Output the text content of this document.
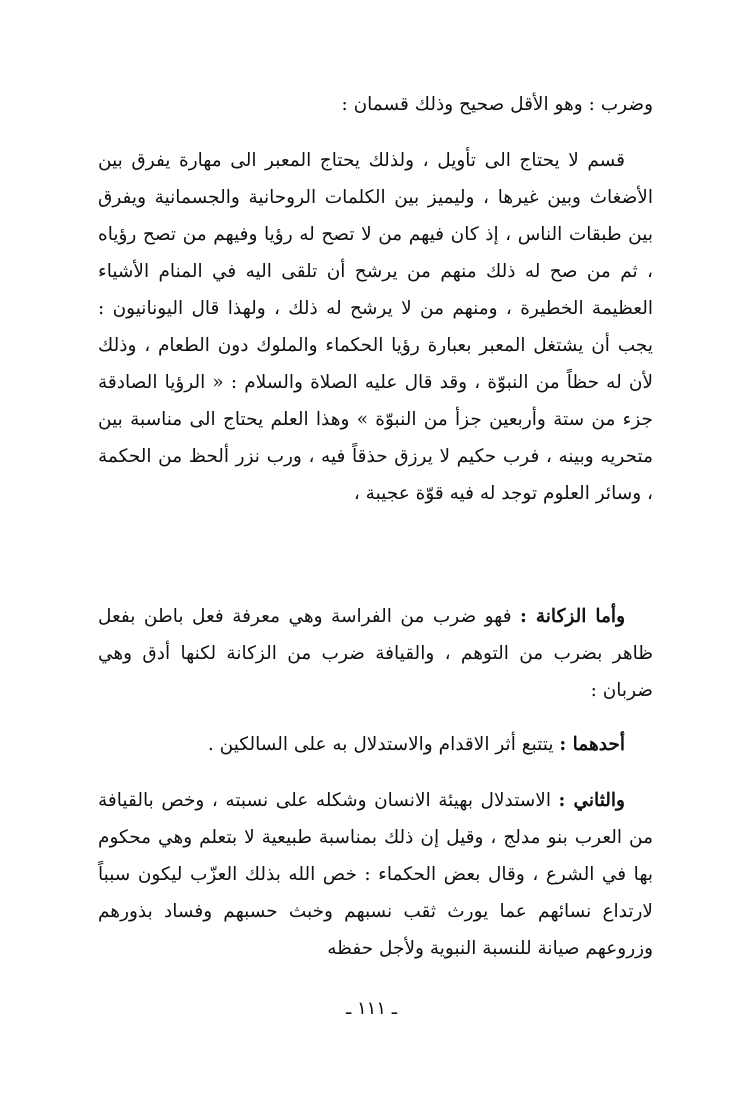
وضرب : وهو الأقل صحيح وذلك قسمان :
قسم لا يحتاج الى تأويل ، ولذلك يحتاج المعبر الى مهارة يفرق بين الأضغاث وبين غيرها ، وليميز بين الكلمات الروحانية والجسمانية ويفرق بين طبقات الناس ، إذ كان فيهم من لا تصح له رؤيا وفيهم من تصح رؤياه ، ثم من صح له ذلك منهم من يرشح أن تلقى اليه في المنام الأشياء العظيمة الخطيرة ، ومنهم من لا يرشح له ذلك ، ولهذا قال اليونانيون : يجب أن يشتغل المعبر بعبارة رؤيا الحكماء والملوك دون الطعام ، وذلك لأن له حظاً من النبوّة ، وقد قال عليه الصلاة والسلام : « الرؤيا الصادقة جزء من ستة وأربعين جزأ من النبوّة » وهذا العلم يحتاج الى مناسبة بين متحريه وبينه ، فرب حكيم لا يرزق حذقاً فيه ، ورب نزر ألحظ من الحكمة ، وسائر العلوم توجد له فيه قوّة عجيبة ،
وأما الزكانة : فهو ضرب من الفراسة وهي معرفة فعل باطن بفعل ظاهر بضرب من التوهم ، والقيافة ضرب من الزكانة لكنها أدق وهي ضربان :
أحدهما : يتتبع أثر الاقدام والاستدلال به على السالكين .
والثاني : الاستدلال بهيئة الانسان وشكله على نسبته ، وخص بالقيافة من العرب بنو مدلج ، وقيل إن ذلك بمناسبة طبيعية لا بتعلم وهي محكوم بها في الشرع ، وقال بعض الحكماء : خص الله بذلك العزّب ليكون سبباً لارتداع نسائهم عما يورث ثقب نسبهم وخبث حسبهم وفساد بذورهم وزروعهم صيانة للنسبة النبوية ولأجل حفظه
ـ ١١١ ـ
